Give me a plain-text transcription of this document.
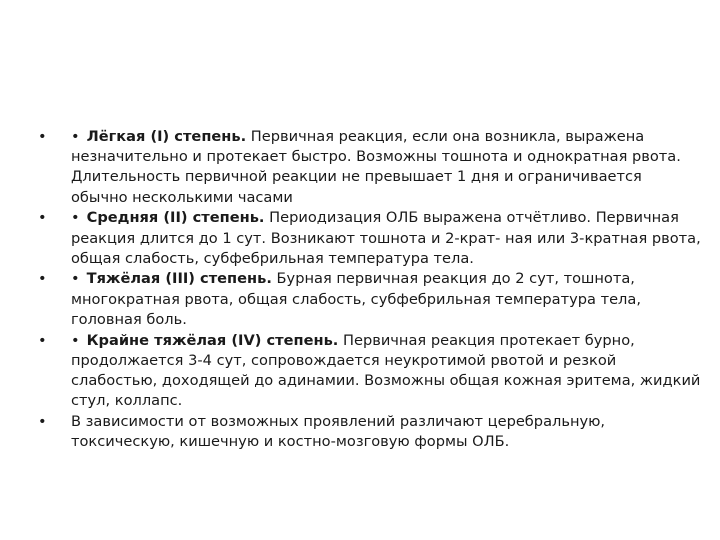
• • Лёгкая (I) степень. Первичная реакция, если она возникла, выражена незначительно и протекает быстро. Возможны тошнота и однократная рвота. Длительность первичной реакции не превышает 1 дня и ограничивается обычно несколькими часами
• • Средняя (II) степень. Периодизация ОЛБ выражена отчётливо. Первичная реакция длится до 1 сут. Возникают тошнота и 2-крат- ная или 3-кратная рвота, общая слабость, субфебрильная температура тела.
• • Тяжёлая (III) степень. Бурная первичная реакция до 2 сут, тошнота, многократная рвота, общая слабость, субфебрильная температура тела, головная боль.
• • Крайне тяжёлая (IV) степень. Первичная реакция протекает бурно, продолжается 3-4 сут, сопровождается неукротимой рвотой и резкой слабостью, доходящей до адинамии. Возможны общая кожная эритема, жидкий стул, коллапс.
• В зависимости от возможных проявлений различают церебральную, токсическую, кишечную и костно-мозговую формы ОЛБ.
